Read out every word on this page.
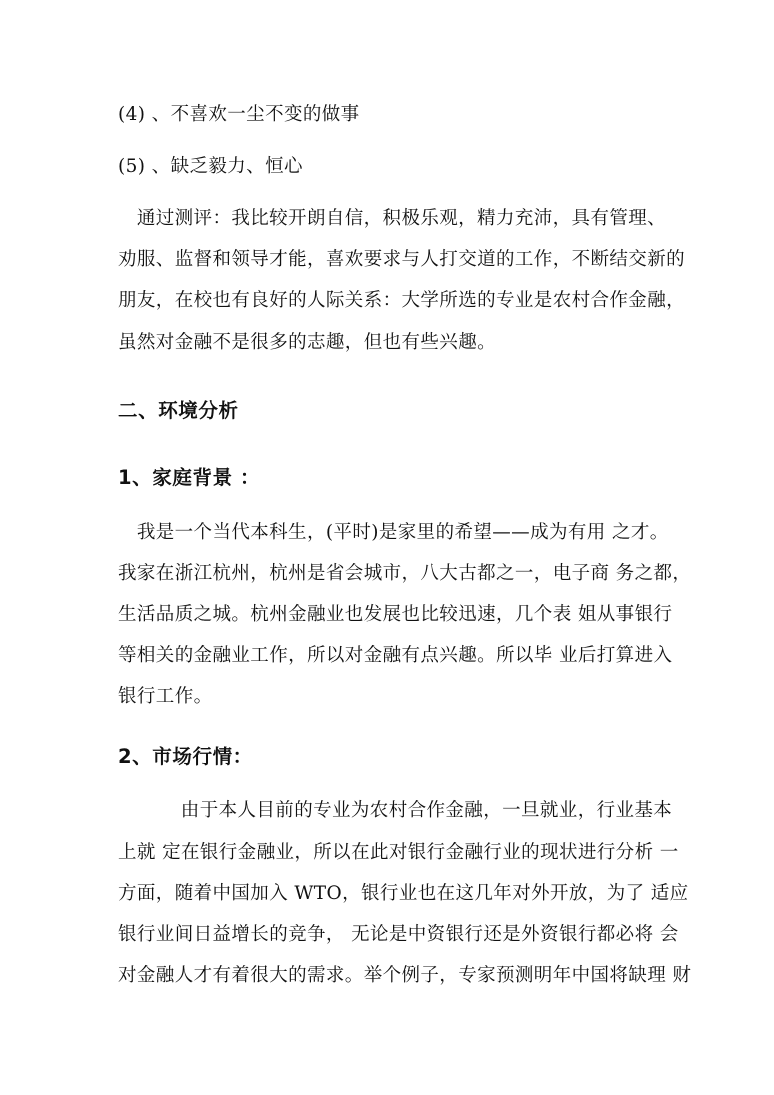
(4) 、不喜欢一尘不变的做事
(5) 、缺乏毅力、恒心
通过测评：我比较开朗自信，积极乐观，精力充沛，具有管理、
劝服、监督和领导才能，喜欢要求与人打交道的工作，不断结交新的
朋友，在校也有良好的人际关系：大学所选的专业是农村合作金融，
虽然对金融不是很多的志趣，但也有些兴趣。
二、环境分析
1、家庭背景 ：
我是一个当代本科生，(平时)是家里的希望——成为有用 之才。
我家在浙江杭州，杭州是省会城市，八大古都之一，电子商 务之都，
生活品质之城。杭州金融业也发展也比较迅速，几个表 姐从事银行
等相关的金融业工作，所以对金融有点兴趣。所以毕 业后打算进入
银行工作。
2、市场行情：
由于本人目前的专业为农村合作金融，一旦就业，行业基本
上就 定在银行金融业，所以在此对银行金融行业的现状进行分析 一
方面，随着中国加入 WTO，银行业也在这几年对外开放，为了 适应
银行业间日益增长的竞争， 无论是中资银行还是外资银行都必将 会
对金融人才有着很大的需求。举个例子，专家预测明年中国将缺理 财
